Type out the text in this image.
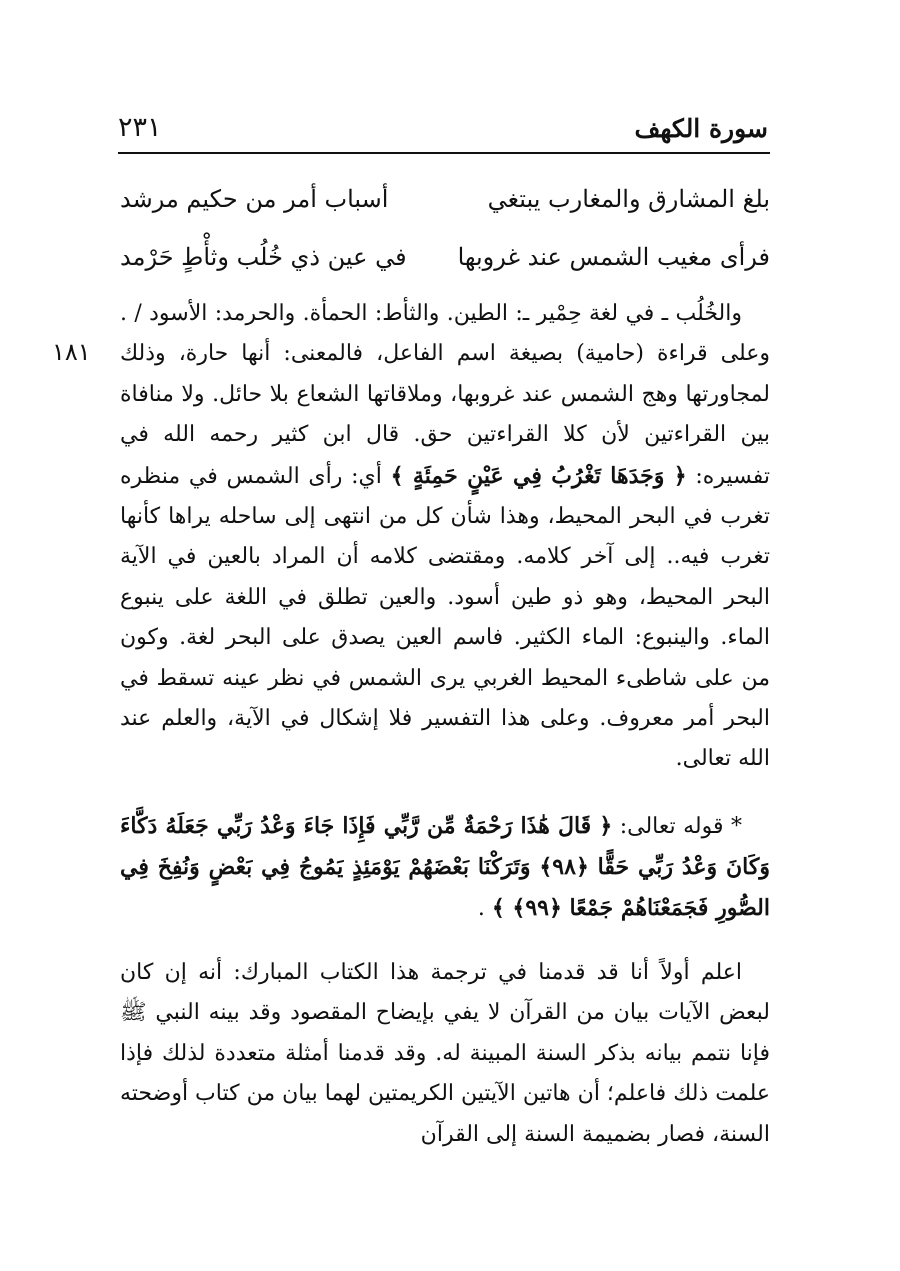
٢٣١	سورة الكهف
١٨١
بلغ المشارق والمغارب يبتغي
أسباب أمر من حكيم مرشد
فرأى مغيب الشمس عند غروبها
في عين ذي خُلُب وثأْطٍ حَرْمد

والخُلُب ـ في لغة حِمْير ـ: الطين. والثأط: الحمأة. والحرمد: الأسود / . وعلى قراءة (حامية) بصيغة اسم الفاعل، فالمعنى: أنها حارة، وذلك لمجاورتها وهج الشمس عند غروبها، وملاقاتها الشعاع بلا حائل. ولا منافاة بين القراءتين لأن كلا القراءتين حق. قال ابن كثير رحمه الله في تفسيره: ﴿ وَجَدَهَا تَغْرُبُ فِي عَيْنٍ حَمِئَةٍ ﴾ أي: رأى الشمس في منظره تغرب في البحر المحيط، وهذا شأن كل من انتهى إلى ساحله يراها كأنها تغرب فيه.. إلى آخر كلامه. ومقتضى كلامه أن المراد بالعين في الآية البحر المحيط، وهو ذو طين أسود. والعين تطلق في اللغة على ينبوع الماء. والينبوع: الماء الكثير. فاسم العين يصدق على البحر لغة. وكون من على شاطىء المحيط الغربي يرى الشمس في نظر عينه تسقط في البحر أمر معروف. وعلى هذا التفسير فلا إشكال في الآية، والعلم عند الله تعالى.

* قوله تعالى: ﴿ قَالَ هَٰذَا رَحْمَةٌ مِّن رَّبِّي فَإِذَا جَاءَ وَعْدُ رَبِّي جَعَلَهُ دَكَّاءَ وَكَانَ وَعْدُ رَبِّي حَقًّا ﴿٩٨﴾ وَتَرَكْنَا بَعْضَهُمْ يَوْمَئِذٍ يَمُوجُ فِي بَعْضٍ وَنُفِخَ فِي الصُّورِ فَجَمَعْنَاهُمْ جَمْعًا ﴿٩٩﴾ ﴾ .

اعلم أولاً أنا قد قدمنا في ترجمة هذا الكتاب المبارك: أنه إن كان لبعض الآيات بيان من القرآن لا يفي بإيضاح المقصود وقد بينه النبي ﷺ فإنا نتمم بيانه بذكر السنة المبينة له. وقد قدمنا أمثلة متعددة لذلك فإذا علمت ذلك فاعلم؛ أن هاتين الآيتين الكريمتين لهما بيان من كتاب أوضحته السنة، فصار بضميمة السنة إلى القرآن
